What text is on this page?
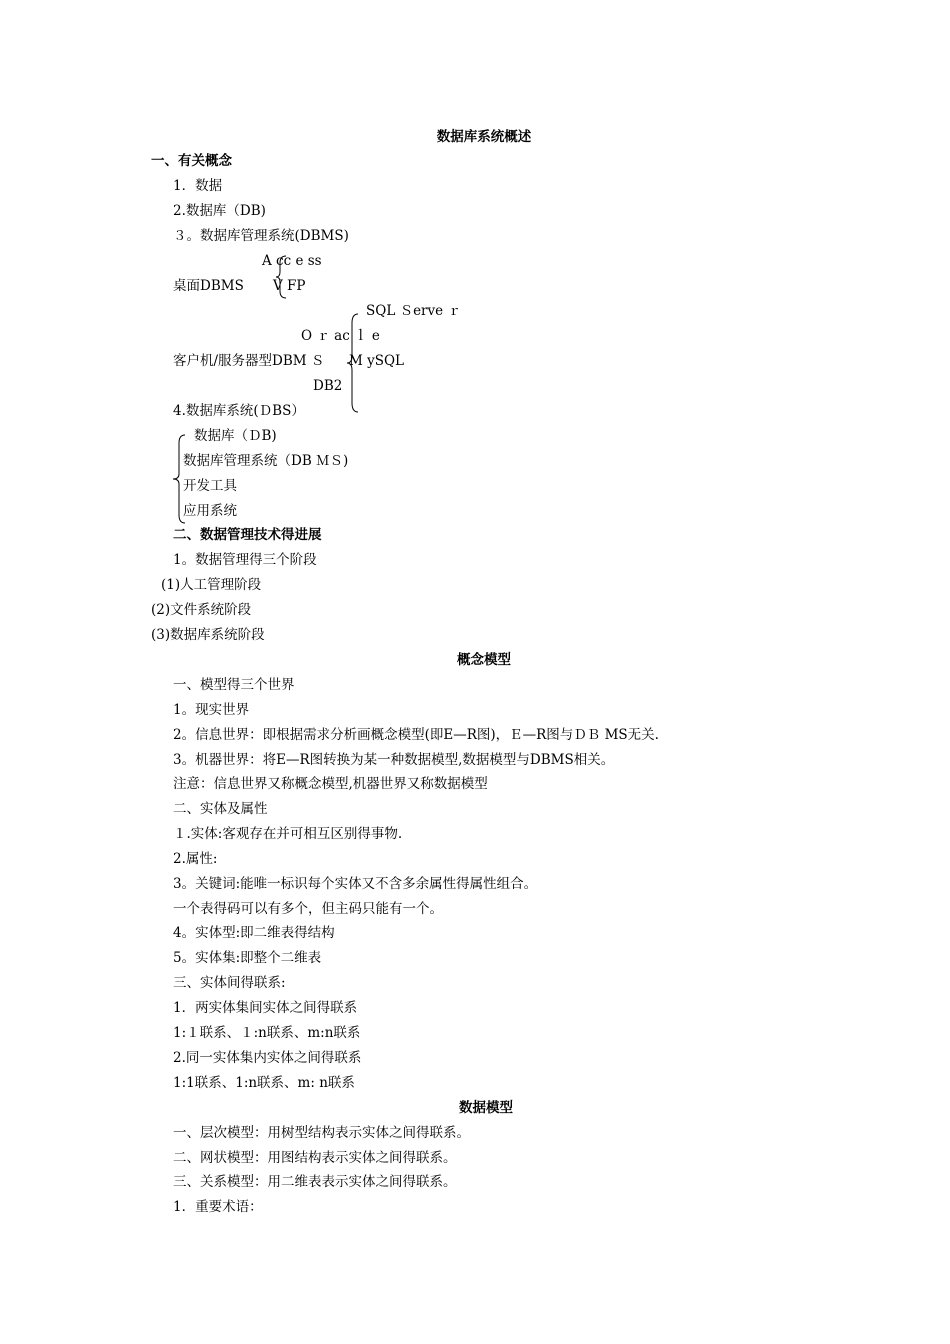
数据库系统概述
一、有关概念
1．数据
2.数据库（DB)
３。数据库管理系统(DBMS)
A cc e ss
桌面DBMS V FP
SQL Ｓerve ｒ
O ｒ ac ｌ e
客户机/服务器型DBM Ｓ M ySQL
DB2
4.数据库系统(ＤBS）
数据库（ＤB)
数据库管理系统（DB ＭＳ)
开发工具
应用系统
二、数据管理技术得进展
1。数据管理得三个阶段
(1)人工管理阶段
(2)文件系统阶段
(3)数据库系统阶段
概念模型
一、模型得三个世界
1。现实世界
2。信息世界：即根据需求分析画概念模型(即E—R图)，Ｅ—R图与ＤＢ MS无关.
3。机器世界：将E—R图转换为某一种数据模型,数据模型与DBMS相关。
注意：信息世界又称概念模型,机器世界又称数据模型
二、实体及属性
１.实体:客观存在并可相互区别得事物.
2.属性:
3。关键词:能唯一标识每个实体又不含多余属性得属性组合。
一个表得码可以有多个，但主码只能有一个。
4。实体型:即二维表得结构
5。实体集:即整个二维表
三、实体间得联系:
1．两实体集间实体之间得联系
1:１联系、１:n联系、m:n联系
2.同一实体集内实体之间得联系
1:1联系、1:n联系、m: n联系
数据模型
一、层次模型：用树型结构表示实体之间得联系。
二、网状模型：用图结构表示实体之间得联系。
三、关系模型：用二维表表示实体之间得联系。
1．重要术语：
